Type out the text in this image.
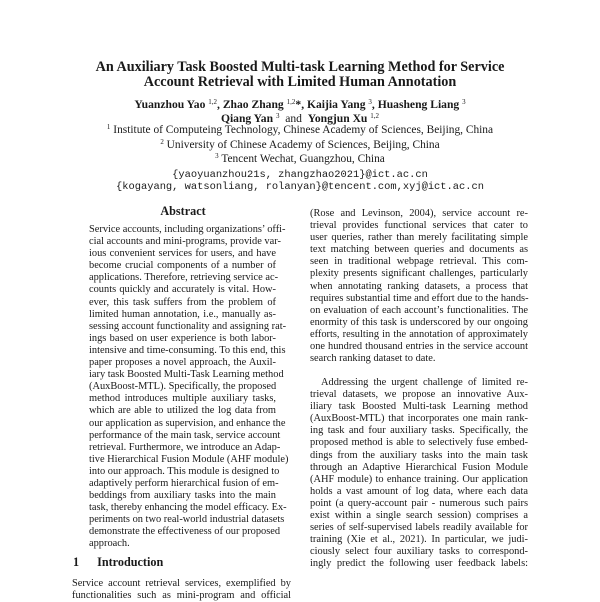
An Auxiliary Task Boosted Multi-task Learning Method for Service
Account Retrieval with Limited Human Annotation
Yuanzhou Yao $^{1,2}$, Zhao Zhang $^{1,2}$*, Kaijia Yang $^3$, Huasheng Liang $^3$
Qiang Yan $^3$ and Yongjun Xu $^{1,2}$
$^1$ Institute of Computeing Technology, Chinese Academy of Sciences, Beijing, China
$^2$ University of Chinese Academy of Sciences, Beijing, China
$^3$ Tencent Wechat, Guangzhou, China
{yaoyuanzhou21s, zhangzhao2021}@ict.ac.cn
{kogayang, watsonliang, rolanyan}@tencent.com,xyj@ict.ac.cn
Abstract
Service accounts, including organizations’ offi-
cial accounts and mini-programs, provide var-
ious convenient services for users, and have
become crucial components of a number of
applications. Therefore, retrieving service ac-
counts quickly and accurately is vital. How-
ever, this task suffers from the problem of
limited human annotation, i.e., manually as-
sessing account functionality and assigning rat-
ings based on user experience is both labor-
intensive and time-consuming. To this end, this
paper proposes a novel approach, the Auxil-
iary task Boosted Multi-Task Learning method
(AuxBoost-MTL). Specifically, the proposed
method introduces multiple auxiliary tasks,
which are able to utilized the log data from
our application as supervision, and enhance the
performance of the main task, service account
retrieval. Furthermore, we introduce an Adap-
tive Hierarchical Fusion Module (AHF module)
into our approach. This module is designed to
adaptively perform hierarchical fusion of em-
beddings from auxiliary tasks into the main
task, thereby enhancing the model efficacy. Ex-
periments on two real-world industrial datasets
demonstrate the effectiveness of our proposed
approach.
1 Introduction
Service account retrieval services, exemplified by
functionalities such as mini-program and official
(Rose and Levinson, 2004), service account re-
trieval provides functional services that cater to
user queries, rather than merely facilitating simple
text matching between queries and documents as
seen in traditional webpage retrieval. This com-
plexity presents significant challenges, particularly
when annotating ranking datasets, a process that
requires substantial time and effort due to the hands-
on evaluation of each account’s functionalities. The
enormity of this task is underscored by our ongoing
efforts, resulting in the annotation of approximately
one hundred thousand entries in the service account
search ranking dataset to date.
Addressing the urgent challenge of limited re-
trieval datasets, we propose an innovative Aux-
iliary task Boosted Multi-task Learning method
(AuxBoost-MTL) that incorporates one main rank-
ing task and four auxiliary tasks. Specifically, the
proposed method is able to selectively fuse embed-
dings from the auxiliary tasks into the main task
through an Adaptive Hierarchical Fusion Module
(AHF module) to enhance training. Our application
holds a vast amount of log data, where each data
point (a query-account pair - numerous such pairs
exist within a single search session) comprises a
series of self-supervised labels readily available for
training (Xie et al., 2021). In particular, we judi-
ciously select four auxiliary tasks to correspond-
ingly predict the following user feedback labels:
